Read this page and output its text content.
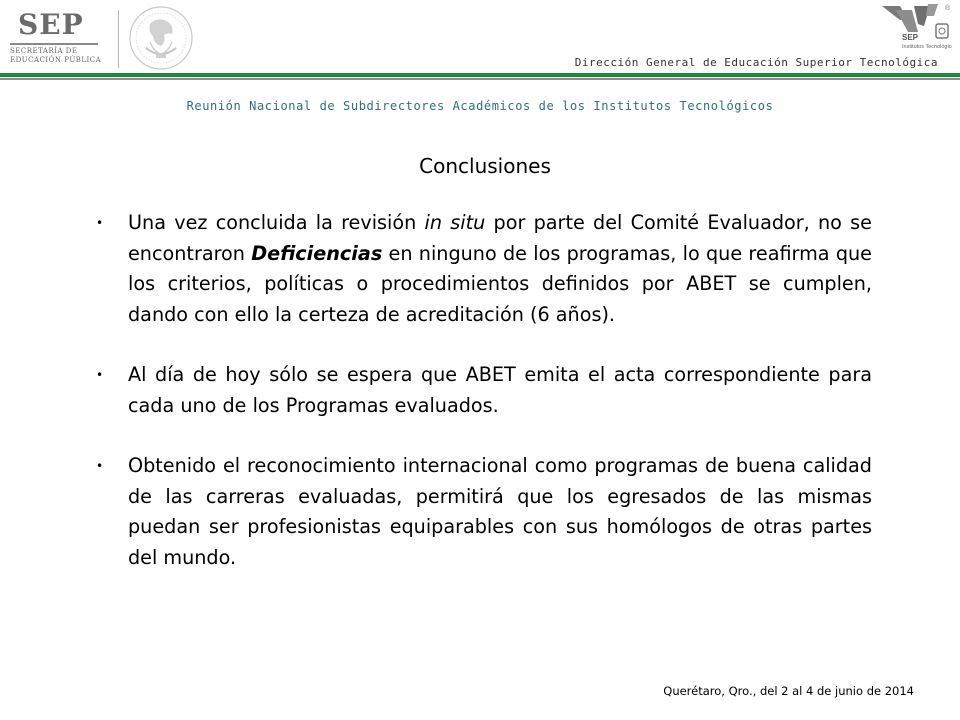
SEP
SECRETARÍA DE
EDUCACIÓN PÚBLICA
SEP
Institutos Tecnológicos
®
Dirección General de Educación Superior Tecnológica
Reunión Nacional de Subdirectores Académicos de los Institutos Tecnológicos
Conclusiones
• Una vez concluida la revisión in situ por parte del Comité Evaluador, no se encontraron Deficiencias en ninguno de los programas, lo que reafirma que los criterios, políticas o procedimientos definidos por ABET se cumplen, dando con ello la certeza de acreditación (6 años).
• Al día de hoy sólo se espera que ABET emita el acta correspondiente para cada uno de los Programas evaluados.
• Obtenido el reconocimiento internacional como programas de buena calidad de las carreras evaluadas, permitirá que los egresados de las mismas puedan ser profesionistas equiparables con sus homólogos de otras partes del mundo.
Querétaro, Qro., del 2 al 4 de junio de 2014
